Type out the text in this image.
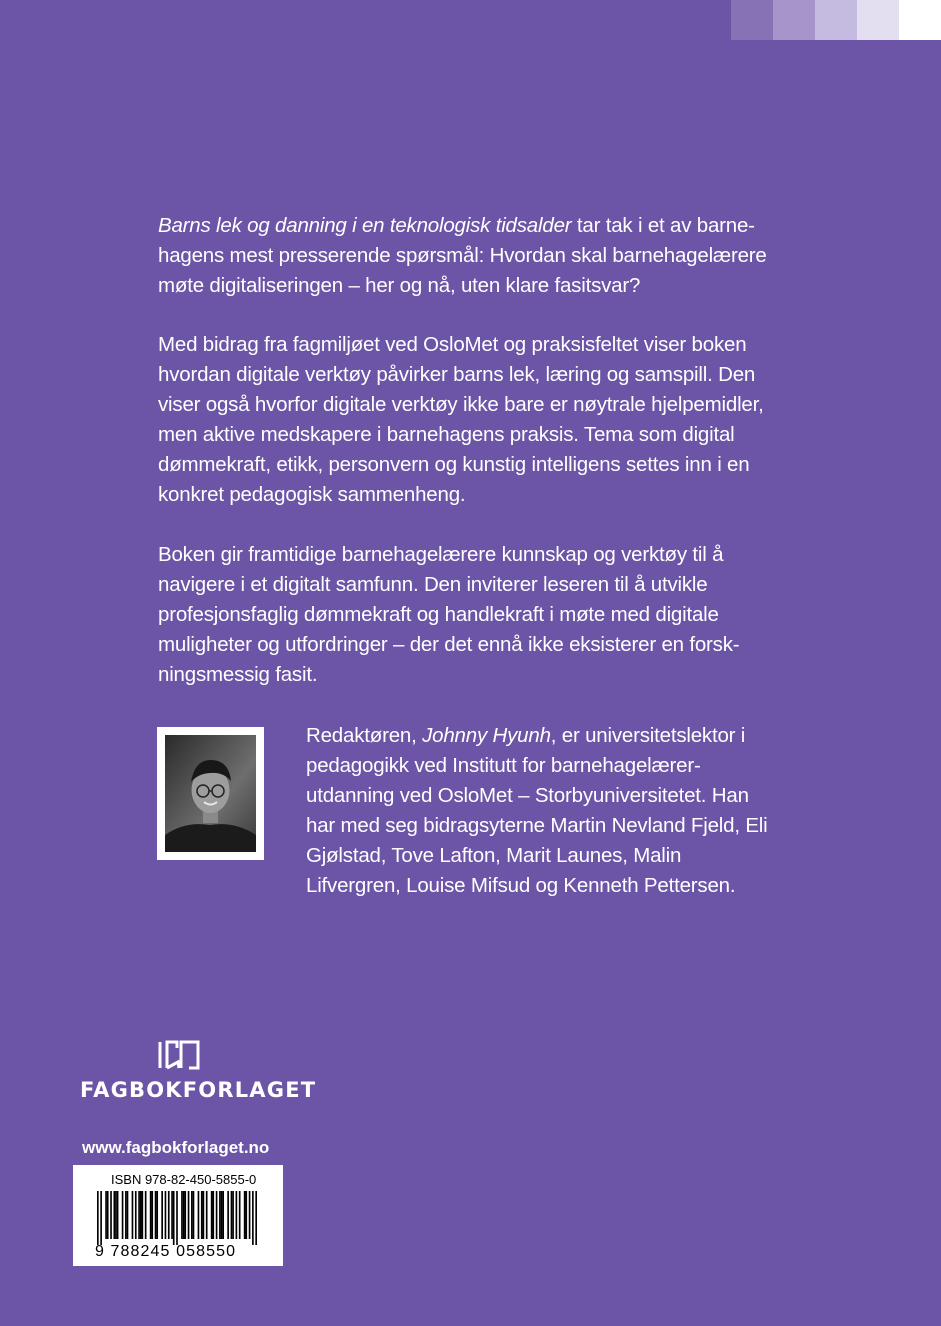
Barns lek og danning i en teknologisk tidsalder tar tak i et av barne-hagens mest presserende spørsmål: Hvordan skal barnehagelærere møte digitaliseringen – her og nå, uten klare fasitsvar?

Med bidrag fra fagmiljøet ved OsloMet og praksisfeltet viser boken hvordan digitale verktøy påvirker barns lek, læring og samspill. Den viser også hvorfor digitale verktøy ikke bare er nøytrale hjelpemidler, men aktive medskapere i barnehagens praksis. Tema som digital dømmekraft, etikk, personvern og kunstig intelligens settes inn i en konkret pedagogisk sammenheng.

Boken gir framtidige barnehagelærere kunnskap og verktøy til å navigere i et digitalt samfunn. Den inviterer leseren til å utvikle profesjonsfaglig dømmekraft og handlekraft i møte med digitale muligheter og utfordringer – der det ennå ikke eksisterer en forsk-ningsmessig fasit.

Redaktøren, Johnny Hyunh, er universitetslektor i pedagogikk ved Institutt for barnehagelærer-utdanning ved OsloMet – Storbyuniversitetet. Han har med seg bidragsyterne Martin Nevland Fjeld, Eli Gjølstad, Tove Lafton, Marit Launes, Malin Lifvergren, Louise Mifsud og Kenneth Pettersen.

FAGBOKFORLAGET
www.fagbokforlaget.no
ISBN 978-82-450-5855-0
9 788245 058550
